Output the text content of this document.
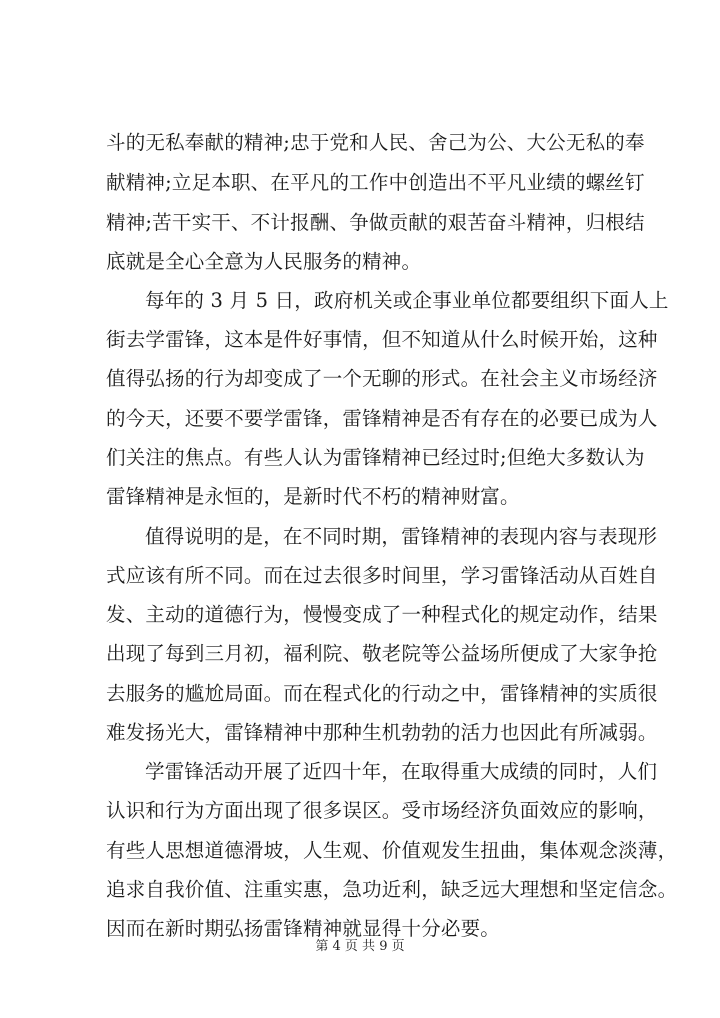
斗的无私奉献的精神;忠于党和人民、舍己为公、大公无私的奉
献精神;立足本职、在平凡的工作中创造出不平凡业绩的螺丝钉
精神;苦干实干、不计报酬、争做贡献的艰苦奋斗精神，归根结
底就是全心全意为人民服务的精神。
每年的 3 月 5 日，政府机关或企事业单位都要组织下面人上
街去学雷锋，这本是件好事情，但不知道从什么时候开始，这种
值得弘扬的行为却变成了一个无聊的形式。在社会主义市场经济
的今天，还要不要学雷锋，雷锋精神是否有存在的必要已成为人
们关注的焦点。有些人认为雷锋精神已经过时;但绝大多数认为
雷锋精神是永恒的，是新时代不朽的精神财富。
值得说明的是，在不同时期，雷锋精神的表现内容与表现形
式应该有所不同。而在过去很多时间里，学习雷锋活动从百姓自
发、主动的道德行为，慢慢变成了一种程式化的规定动作，结果
出现了每到三月初，福利院、敬老院等公益场所便成了大家争抢
去服务的尴尬局面。而在程式化的行动之中，雷锋精神的实质很
难发扬光大，雷锋精神中那种生机勃勃的活力也因此有所减弱。
学雷锋活动开展了近四十年，在取得重大成绩的同时，人们
认识和行为方面出现了很多误区。受市场经济负面效应的影响，
有些人思想道德滑坡，人生观、价值观发生扭曲，集体观念淡薄，
追求自我价值、注重实惠，急功近利，缺乏远大理想和坚定信念。
因而在新时期弘扬雷锋精神就显得十分必要。
第 4 页 共 9 页
